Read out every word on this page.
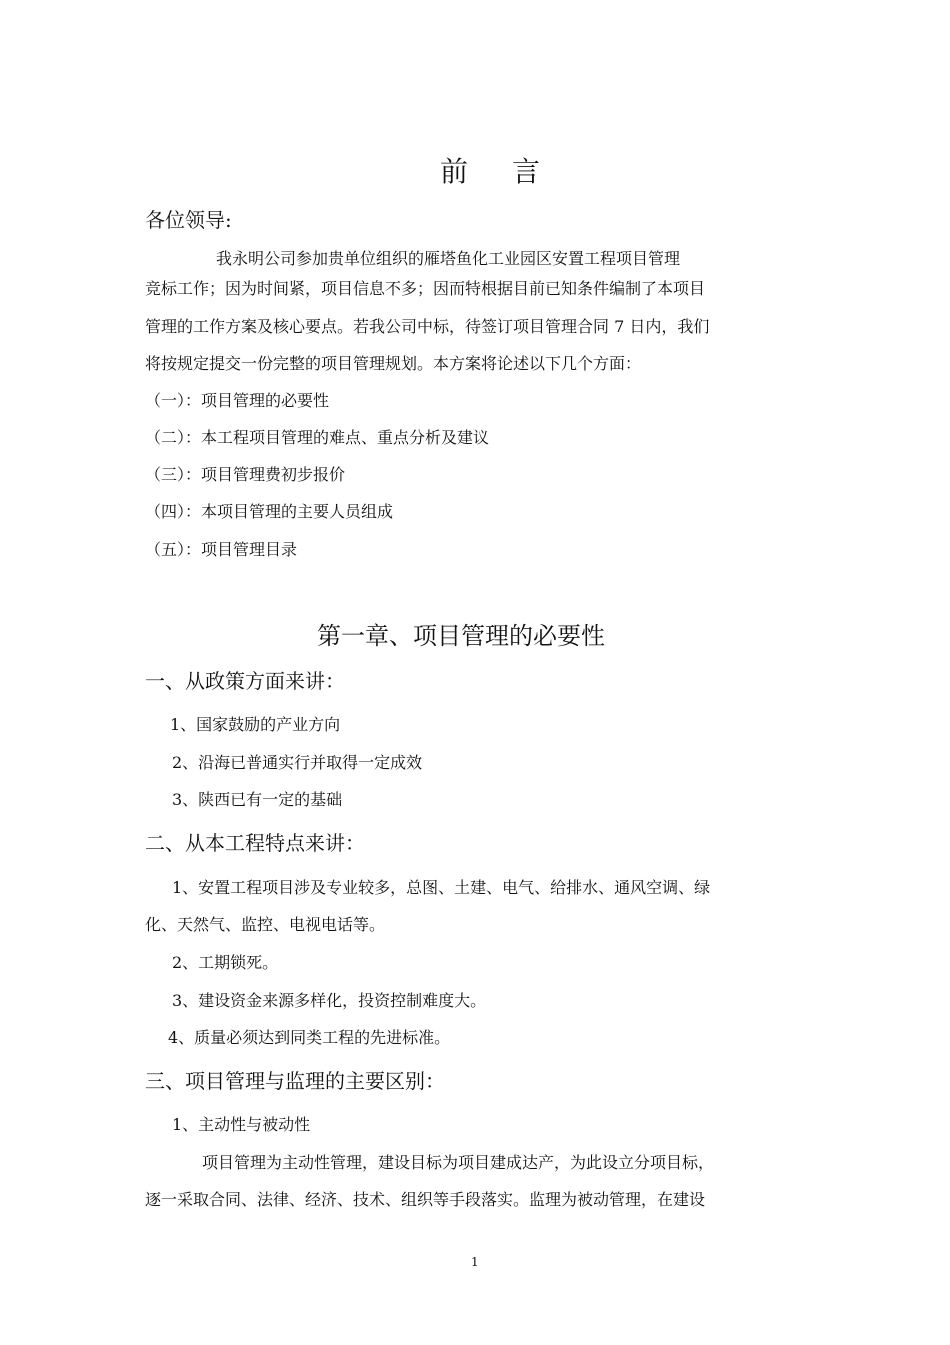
前 言
各位领导:
我永明公司参加贵单位组织的雁塔鱼化工业园区安置工程项目管理
竞标工作；因为时间紧，项目信息不多；因而特根据目前已知条件编制了本项目
管理的工作方案及核心要点。若我公司中标，待签订项目管理合同 7 日内，我们
将按规定提交一份完整的项目管理规划。本方案将论述以下几个方面：
（一）：项目管理的必要性
（二）：本工程项目管理的难点、重点分析及建议
（三）：项目管理费初步报价
（四）：本项目管理的主要人员组成
（五）：项目管理目录
第一章、项目管理的必要性
一、从政策方面来讲：
1、国家鼓励的产业方向
2、沿海已普通实行并取得一定成效
3、陕西已有一定的基础
二、从本工程特点来讲：
1、安置工程项目涉及专业较多，总图、土建、电气、给排水、通风空调、绿
化、天然气、监控、电视电话等。
2、工期锁死。
3、建设资金来源多样化，投资控制难度大。
4、质量必须达到同类工程的先进标准。
三、项目管理与监理的主要区别：
1、主动性与被动性
项目管理为主动性管理，建设目标为项目建成达产，为此设立分项目标，
逐一采取合同、法律、经济、技术、组织等手段落实。监理为被动管理，在建设
1
